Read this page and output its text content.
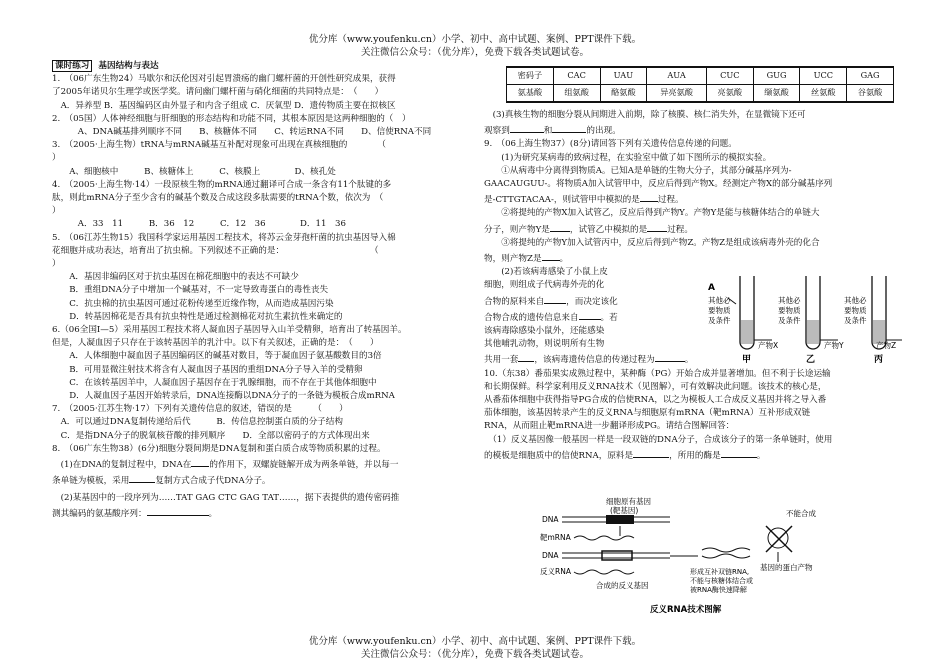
优分库（www.youfenku.cn）小学、初中、高中试题、案例、PPT课件下载。
关注微信公众号：（优分库），免费下载各类试题试卷。

课时练习 基因结构与表达

1.　（06广东生物24）马歇尔和沃伦因对引起胃溃疡的幽门螺杆菌的开创性研究成果，获得

了2005年诺贝尔生理学或医学奖。请问幽门螺杆菌与硝化细菌的共同特点是：　（　　）

　A．异养型 B．基因编码区由外显子和内含子组成 C．厌氧型 D．遗传物质主要在拟核区

2.　（05国）人体神经细胞与肝细胞的形态结构和功能不同，其根本原因是这两种细胞的（　）

　　　A、DNA碱基排列顺序不同　　B、核糖体不同　　C、转运RNA不同　　D、信使RNA不同

3.　（2005·上海生物）tRNA与mRNA碱基互补配对现象可出现在真核细胞的　　　　（

）

　　A、细胞核中　　　B、核糖体上　　　C、核膜上　　　　D、核孔处

4.　（2005·上海生物·14）一段原核生物的mRNA通过翻译可合成一条含有11个肽键的多

肽，则此mRNA分子至少含有的碱基个数及合成这段多肽需要的tRNA个数，依次为　（

）

　　　A．33　11　　　B．36　12　　　C．12　36　　　　D．11　36

5.　（06江苏生物15）我国科学家运用基因工程技术，将苏云金芽孢杆菌的抗虫基因导入棉

花细胞并成功表达，培育出了抗虫棉。下列叙述不正确的是：　　　　　　　　　　　（

）

　　A．基因非编码区对于抗虫基因在棉花细胞中的表达不可缺少

　　B．重组DNA分子中增加一个碱基对，不一定导致毒蛋白的毒性丧失

　　C．抗虫棉的抗虫基因可通过花粉传递至近缘作物，从而造成基因污染

　　D．转基因棉花是否具有抗虫特性是通过检测棉花对抗生素抗性来确定的

6.（06全国Ⅰ—5）采用基因工程技术将人凝血因子基因导入山羊受精卵，培育出了转基因羊。

但是，人凝血因子只存在于该转基因羊的乳汁中。以下有关叙述，正确的是：　（　　）

　　A．人体细胞中凝血因子基因编码区的碱基对数目，等于凝血因子氨基酸数目的3倍

　　B．可用显微注射技术将含有人凝血因子基因的重组DNA分子导入羊的受精卵

　　C．在该转基因羊中，人凝血因子基因存在于乳腺细胞，而不存在于其他体细胞中

　　D．人凝血因子基因开始转录后，DNA连接酶以DNA分子的一条链为模板合成mRNA

7.　（2005·江苏生物·17）下列有关遗传信息的叙述，错误的是　　　（　　）

　A．可以通过DNA复制传递给后代　　　B．传信息控制蛋白质的分子结构

　C．是指DNA分子的脱氧核苷酸的排列顺序　　D．全部以密码子的方式体现出来

8.　（06广东生物38）(6分)细胞分裂间期是DNA复制和蛋白质合成等物质积累的过程。

　(1)在DNA的复制过程中，DNA在 的作用下，双螺旋链解开成为两条单链，并以每一

条单链为模板，采用	复制方式合成子代DNA分子。

　(2)某基因中的一段序列为……TAT GAG CTC GAG TAT……，据下表提供的遗传密码推

测其编码的氨基酸序列：	。

密码子	CAC	UAU	AUA	CUC	GUG	UCC	GAG
氨基酸	组氨酸	酪氨酸	异亮氨酸	亮氨酸	缬氨酸	丝氨酸	谷氨酸

　(3)真核生物的细胞分裂从间期进入前期，除了核膜、核仁消失外，在显微镜下还可

观察到	和	的出现。

9.　（06上海生物37）(8分)请回答下列有关遗传信息传递的问题。

　　(1)为研究某病毒的致病过程，在实验室中做了如下图所示的模拟实验。

　　①从病毒中分离得到物质A。已知A是单链的生物大分子，其部分碱基序列为-

GAACAUGUU-。将物质A加入试管甲中，反应后得到产物X。经测定产物X的部分碱基序列

是-CTTGTACAA-，则试管甲中模拟的是 过程。

　　②将提纯的产物X加入试管乙，反应后得到产物Y。产物Y是能与核糖体结合的单链大

分子，则产物Y是 ，试管乙中模拟的是 过程。

　　③将提纯的产物Y加入试管丙中，反应后得到产物Z。产物Z是组成该病毒外壳的化合

物，则产物Z是 。

　　(2)若该病毒感染了小鼠上皮

细胞，则组成子代病毒外壳的化

合物的原料来自	，而决定该化

合物合成的遗传信息来自	。若

该病毒除感染小鼠外，还能感染

其他哺乳动物，则说明所有生物

共用一套 ，该病毒遗传信息的传递过程为	。

10.（东38）番茄果实成熟过程中，某种酶（PG）开始合成并显著增加。但不利于长途运输

和长期保鲜。科学家利用反义RNA技术（见图解），可有效解决此问题。该技术的核心是，

从番茄体细胞中获得指导PG合成的信使RNA，以之为模板人工合成反义基因并将之导入番

茄体细胞，该基因转录产生的反义RNA与细胞原有mRNA（靶mRNA）互补形成双链

RNA，从而阻止靶mRNA进一步翻译形成PG。请结合图解回答：

　（1）反义基因像一般基因一样是一段双链的DNA分子，合成该分子的第一条单链时，使用

的模板是细胞质中的信使RNA，原料是	，所用的酶是	。

A
其他必
要物质
及条件
产物X
甲
其他必
要物质
及条件
产物Y
乙
其他必
要物质
及条件
产物Z
丙
细胞原有基因
(靶基因)
DNA
靶mRNA
DNA
反义RNA
合成的反义基因
形成互补双链RNA,
不能与核糖体结合或
被RNA酶快速降解
不能合成
基因的蛋白产物
反义RNA技术图解
优分库（www.youfenku.cn）小学、初中、高中试题、案例、PPT课件下载。
关注微信公众号：（优分库），免费下载各类试题试卷。
